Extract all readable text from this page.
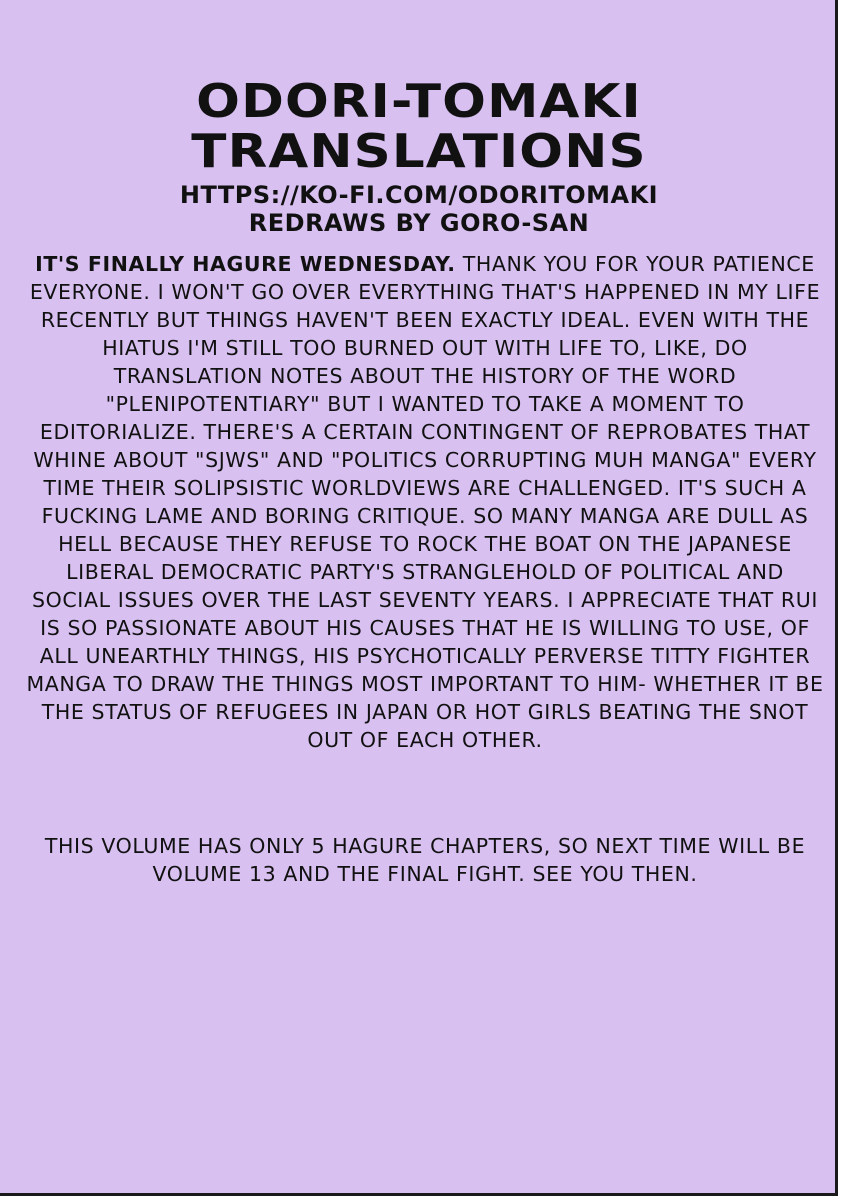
ODORI-TOMAKI
TRANSLATIONS
HTTPS://KO-FI.COM/ODORITOMAKI
REDRAWS BY GORO-SAN

IT'S FINALLY HAGURE WEDNESDAY. THANK YOU FOR YOUR PATIENCE EVERYONE. I WON'T GO OVER EVERYTHING THAT'S HAPPENED IN MY LIFE RECENTLY BUT THINGS HAVEN'T BEEN EXACTLY IDEAL. EVEN WITH THE HIATUS I'M STILL TOO BURNED OUT WITH LIFE TO, LIKE, DO TRANSLATION NOTES ABOUT THE HISTORY OF THE WORD "PLENIPOTENTIARY" BUT I WANTED TO TAKE A MOMENT TO EDITORIALIZE. THERE'S A CERTAIN CONTINGENT OF REPROBATES THAT WHINE ABOUT "SJWS" AND "POLITICS CORRUPTING MUH MANGA" EVERY TIME THEIR SOLIPSISTIC WORLDVIEWS ARE CHALLENGED. IT'S SUCH A FUCKING LAME AND BORING CRITIQUE. SO MANY MANGA ARE DULL AS HELL BECAUSE THEY REFUSE TO ROCK THE BOAT ON THE JAPANESE LIBERAL DEMOCRATIC PARTY'S STRANGLEHOLD OF POLITICAL AND SOCIAL ISSUES OVER THE LAST SEVENTY YEARS. I APPRECIATE THAT RUI IS SO PASSIONATE ABOUT HIS CAUSES THAT HE IS WILLING TO USE, OF ALL UNEARTHLY THINGS, HIS PSYCHOTICALLY PERVERSE TITTY FIGHTER MANGA TO DRAW THE THINGS MOST IMPORTANT TO HIM- WHETHER IT BE THE STATUS OF REFUGEES IN JAPAN OR HOT GIRLS BEATING THE SNOT OUT OF EACH OTHER.

THIS VOLUME HAS ONLY 5 HAGURE CHAPTERS, SO NEXT TIME WILL BE VOLUME 13 AND THE FINAL FIGHT. SEE YOU THEN.
